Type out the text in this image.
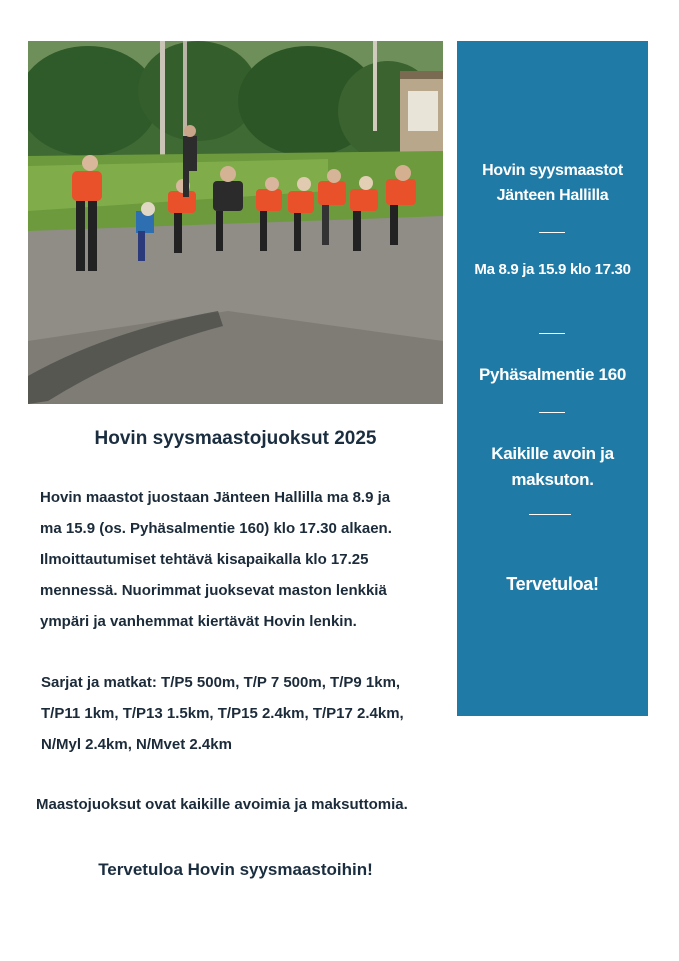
Hovin syysmaastot
Jänteen Hallilla
Ma 8.9 ja 15.9 klo 17.30
Pyhäsalmentie 160
Kaikille avoin ja
maksuton.
Tervetuloa!
Hovin syysmaastojuoksut 2025
Hovin maastot juostaan Jänteen Hallilla ma 8.9 ja
ma 15.9 (os. Pyhäsalmentie 160) klo 17.30 alkaen.
Ilmoittautumiset tehtävä kisapaikalla klo 17.25
mennessä. Nuorimmat juoksevat maston lenkkiä
ympäri ja vanhemmat kiertävät Hovin lenkin.
Sarjat ja matkat: T/P5 500m, T/P 7 500m, T/P9 1km,
T/P11 1km, T/P13 1.5km, T/P15 2.4km, T/P17 2.4km,
N/Myl 2.4km, N/Mvet 2.4km
Maastojuoksut ovat kaikille avoimia ja maksuttomia.
Tervetuloa Hovin syysmaastoihin!
